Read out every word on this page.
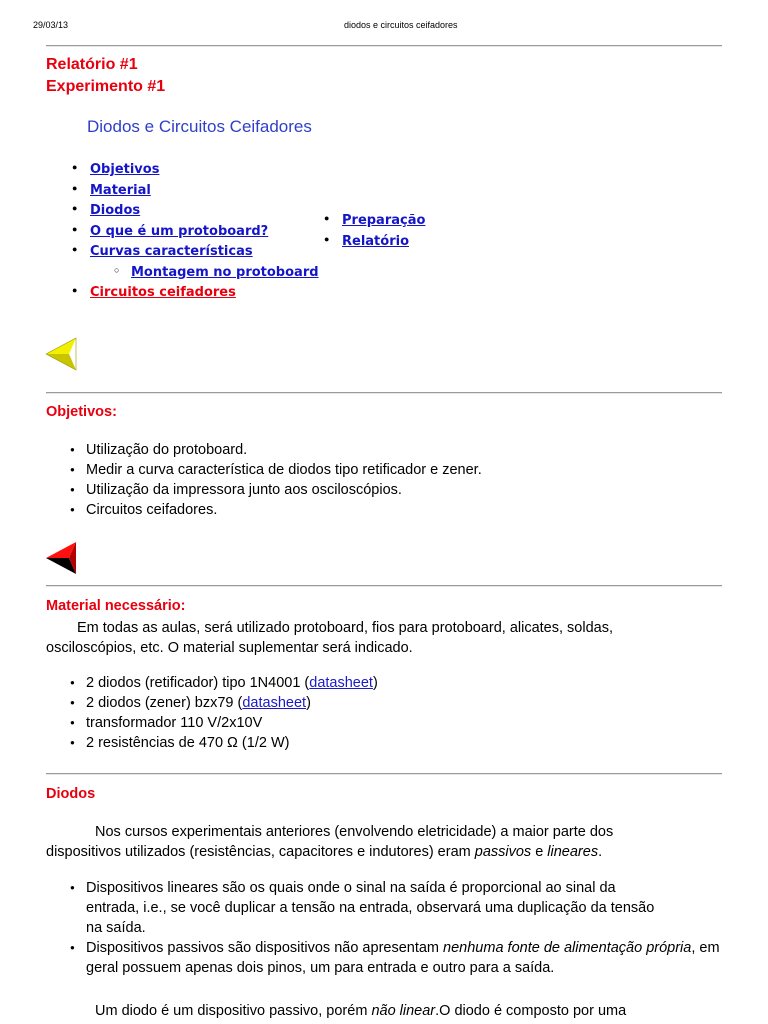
29/03/13	diodos e circuitos ceifadores
Relatório #1
Experimento #1
Diodos e Circuitos Ceifadores
● Objetivos
● Material
● Diodos
● O que é um protoboard?
● Curvas características
○ Montagem no protoboard
● Circuitos ceifadores
● Preparação
● Relatório
Objetivos:
● Utilização do protoboard.
● Medir a curva característica de diodos tipo retificador e zener.
● Utilização da impressora junto aos osciloscópios.
● Circuitos ceifadores.
Material necessário:
Em todas as aulas, será utilizado protoboard, fios para protoboard, alicates, soldas,
osciloscópios, etc. O material suplementar será indicado.
● 2 diodos (retificador) tipo 1N4001 (datasheet)
● 2 diodos (zener) bzx79 (datasheet)
● transformador 110 V/2x10V
● 2 resistências de 470 Ω (1/2 W)
Diodos
Nos cursos experimentais anteriores (envolvendo eletricidade) a maior parte dos
dispositivos utilizados (resistências, capacitores e indutores) eram passivos e lineares.
● Dispositivos lineares são os quais onde o sinal na saída é proporcional ao sinal da
entrada, i.e., se você duplicar a tensão na entrada, observará uma duplicação da tensão
na saída.
● Dispositivos passivos são dispositivos não apresentam nenhuma fonte de alimentação própria, em geral possuem apenas dois pinos, um para entrada e outro para a saída.
Um diodo é um dispositivo passivo, porém não linear.O diodo é composto por uma
